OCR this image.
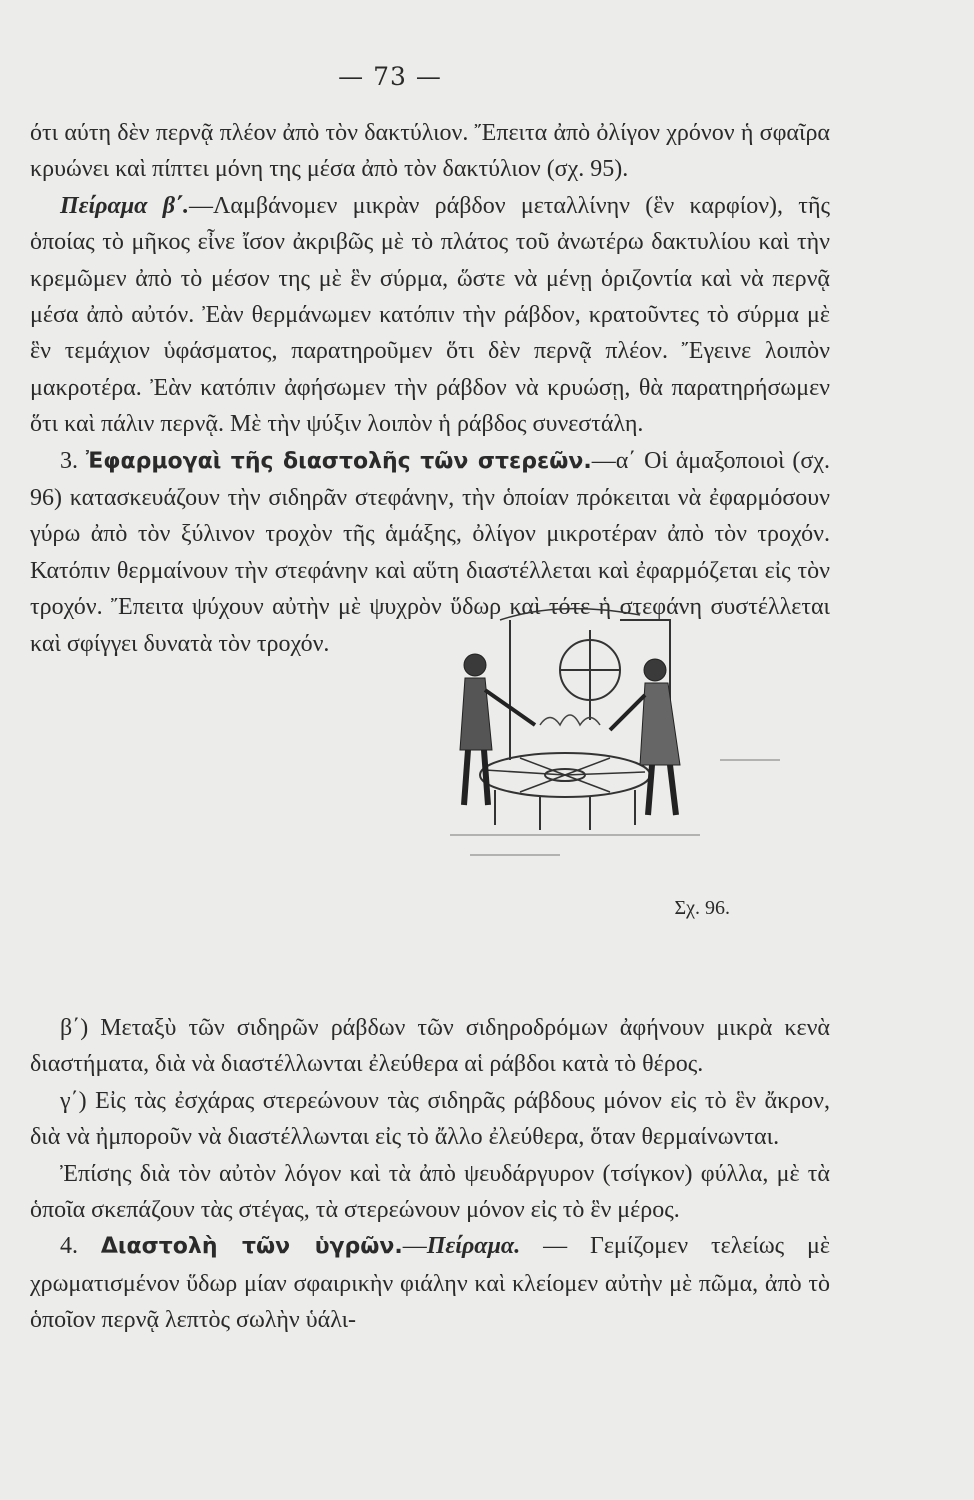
— 73 —

ότι αύτη δὲν περνᾷ πλέον ἀπὸ τὸν δακτύλιον. Ἔπειτα ἀπὸ ὀλίγον χρόνον ἡ σφαῖρα κρυώνει καὶ πίπτει μόνη της μέσα ἀπὸ τὸν δακτύλιον (σχ. 95).

Πείραμα β΄.—Λαμβάνομεν μικρὰν ράβδον μεταλλίνην (ἓν καρφίον), τῆς ὁποίας τὸ μῆκος εἶνε ἴσον ἀκριβῶς μὲ τὸ πλάτος τοῦ ἀνωτέρω δακτυλίου καὶ τὴν κρεμῶμεν ἀπὸ τὸ μέσον της μὲ ἓν σύρμα, ὥστε νὰ μένῃ ὁριζοντία καὶ νὰ περνᾷ μέσα ἀπὸ αὐτόν. Ἐὰν θερμάνωμεν κατόπιν τὴν ράβδον, κρατοῦντες τὸ σύρμα μὲ ἓν τεμάχιον ὑφάσματος, παρατηροῦμεν ὅτι δὲν περνᾷ πλέον. Ἔγεινε λοιπὸν μακροτέρα. Ἐὰν κατόπιν ἀφήσωμεν τὴν ράβδον νὰ κρυώσῃ, θὰ παρατηρήσωμεν ὅτι καὶ πάλιν περνᾷ. Μὲ τὴν ψύξιν λοιπὸν ἡ ράβδος συνεστάλη.

3. Ἐφαρμογαὶ τῆς διαστολῆς τῶν στερεῶν.—α΄ Οἱ ἁμαξοποιοὶ (σχ. 96) κατασκευάζουν τὴν σιδηρᾶν στεφάνην, τὴν ὁποίαν πρόκειται νὰ ἐφαρμόσουν γύρω ἀπὸ τὸν ξύλινον τροχὸν τῆς ἁμάξης, ὀλίγον μικροτέραν ἀπὸ τὸν τροχόν. Κατόπιν θερμαίνουν τὴν στεφάνην καὶ αὕτη διαστέλλεται καὶ ἐφαρμόζεται εἰς τὸν τροχόν. Ἔπειτα ψύχουν αὐτὴν μὲ ψυχρὸν ὕδωρ καὶ τότε ἡ στεφάνη συστέλλεται καὶ σφίγγει δυνατὰ τὸν τροχόν.

Σχ. 96.

β΄) Μεταξὺ τῶν σιδηρῶν ράβδων τῶν σιδηροδρόμων ἀφήνουν μικρὰ κενὰ διαστήματα, διὰ νὰ διαστέλλωνται ἐλεύθερα αἱ ράβδοι κατὰ τὸ θέρος.

γ΄) Εἰς τὰς ἐσχάρας στερεώνουν τὰς σιδηρᾶς ράβδους μόνον εἰς τὸ ἓν ἄκρον, διὰ νὰ ἠμποροῦν νὰ διαστέλλωνται εἰς τὸ ἄλλο ἐλεύθερα, ὅταν θερμαίνωνται.

Ἐπίσης διὰ τὸν αὐτὸν λόγον καὶ τὰ ἀπὸ ψευδάργυρον (τσίγκον) φύλλα, μὲ τὰ ὁποῖα σκεπάζουν τὰς στέγας, τὰ στερεώνουν μόνον εἰς τὸ ἓν μέρος.

4. Διαστολὴ τῶν ὑγρῶν.—Πείραμα. — Γεμίζομεν τελείως μὲ χρωματισμένον ὕδωρ μίαν σφαιρικὴν φιάλην καὶ κλείομεν αὐτὴν μὲ πῶμα, ἀπὸ τὸ ὁποῖον περνᾷ λεπτὸς σωλὴν ὑάλι-
